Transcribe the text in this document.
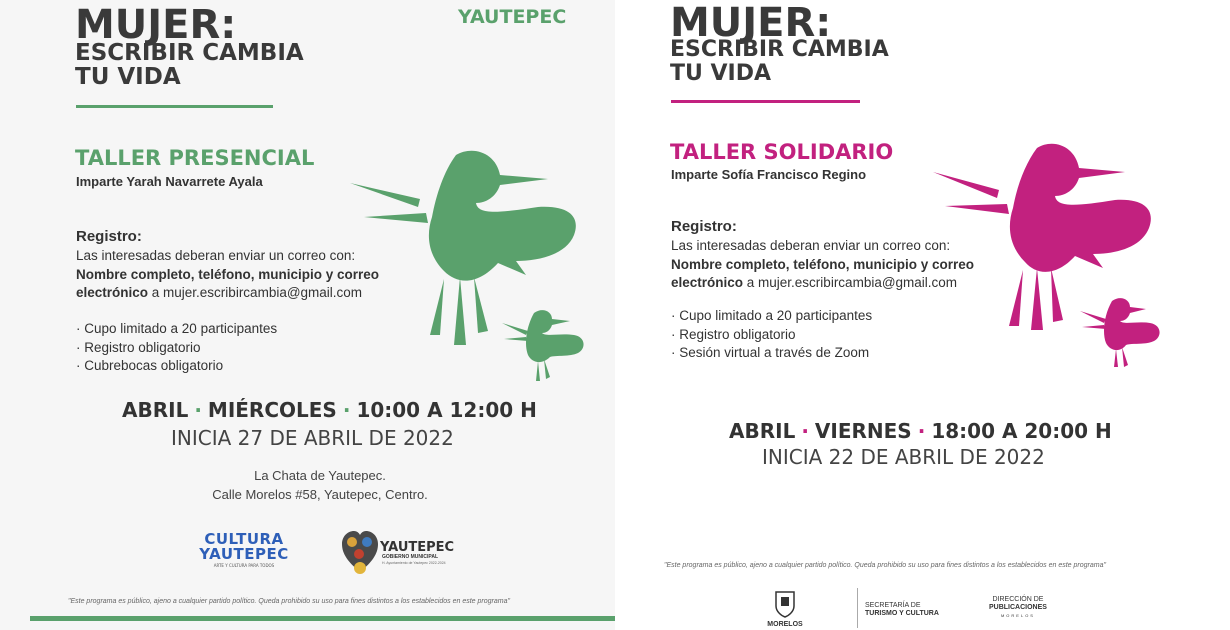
MUJER:
ESCRIBIR CAMBIA
TU VIDA
YAUTEPEC
TALLER PRESENCIAL
Imparte Yarah Navarrete Ayala
Registro:
Las interesadas deberan enviar un correo con:
Nombre completo, teléfono, municipio y correo
electrónico a mujer.escribircambia@gmail.com
· Cupo limitado a 20 participantes
· Registro obligatorio
· Cubrebocas obligatorio
ABRIL · MIÉRCOLES · 10:00 A 12:00 H
INICIA 27 DE ABRIL DE 2022
La Chata de Yautepec.
Calle Morelos #58, Yautepec, Centro.
CULTURA
YAUTEPEC
ARTE Y CULTURA PARA TODOS
YAUTEPEC
GOBIERNO MUNICIPAL
H. Ayuntamiento de Yautepec 2022-2024
"Este programa es público, ajeno a cualquier partido político. Queda prohibido su uso para fines distintos a los establecidos en este programa"
MUJER:
ESCRIBIR CAMBIA
TU VIDA
TALLER SOLIDARIO
Imparte Sofía Francisco Regino
Registro:
Las interesadas deberan enviar un correo con:
Nombre completo, teléfono, municipio y correo
electrónico a mujer.escribircambia@gmail.com
· Cupo limitado a 20 participantes
· Registro obligatorio
· Sesión virtual a través de Zoom
ABRIL · VIERNES · 18:00 A 20:00 H
INICIA 22 DE ABRIL DE 2022
"Este programa es público, ajeno a cualquier partido político. Queda prohibido su uso para fines distintos a los establecidos en este programa"
MORELOS
SECRETARÍA DE
TURISMO Y CULTURA
DIRECCIÓN DE
PUBLICACIONES
MORELOS
